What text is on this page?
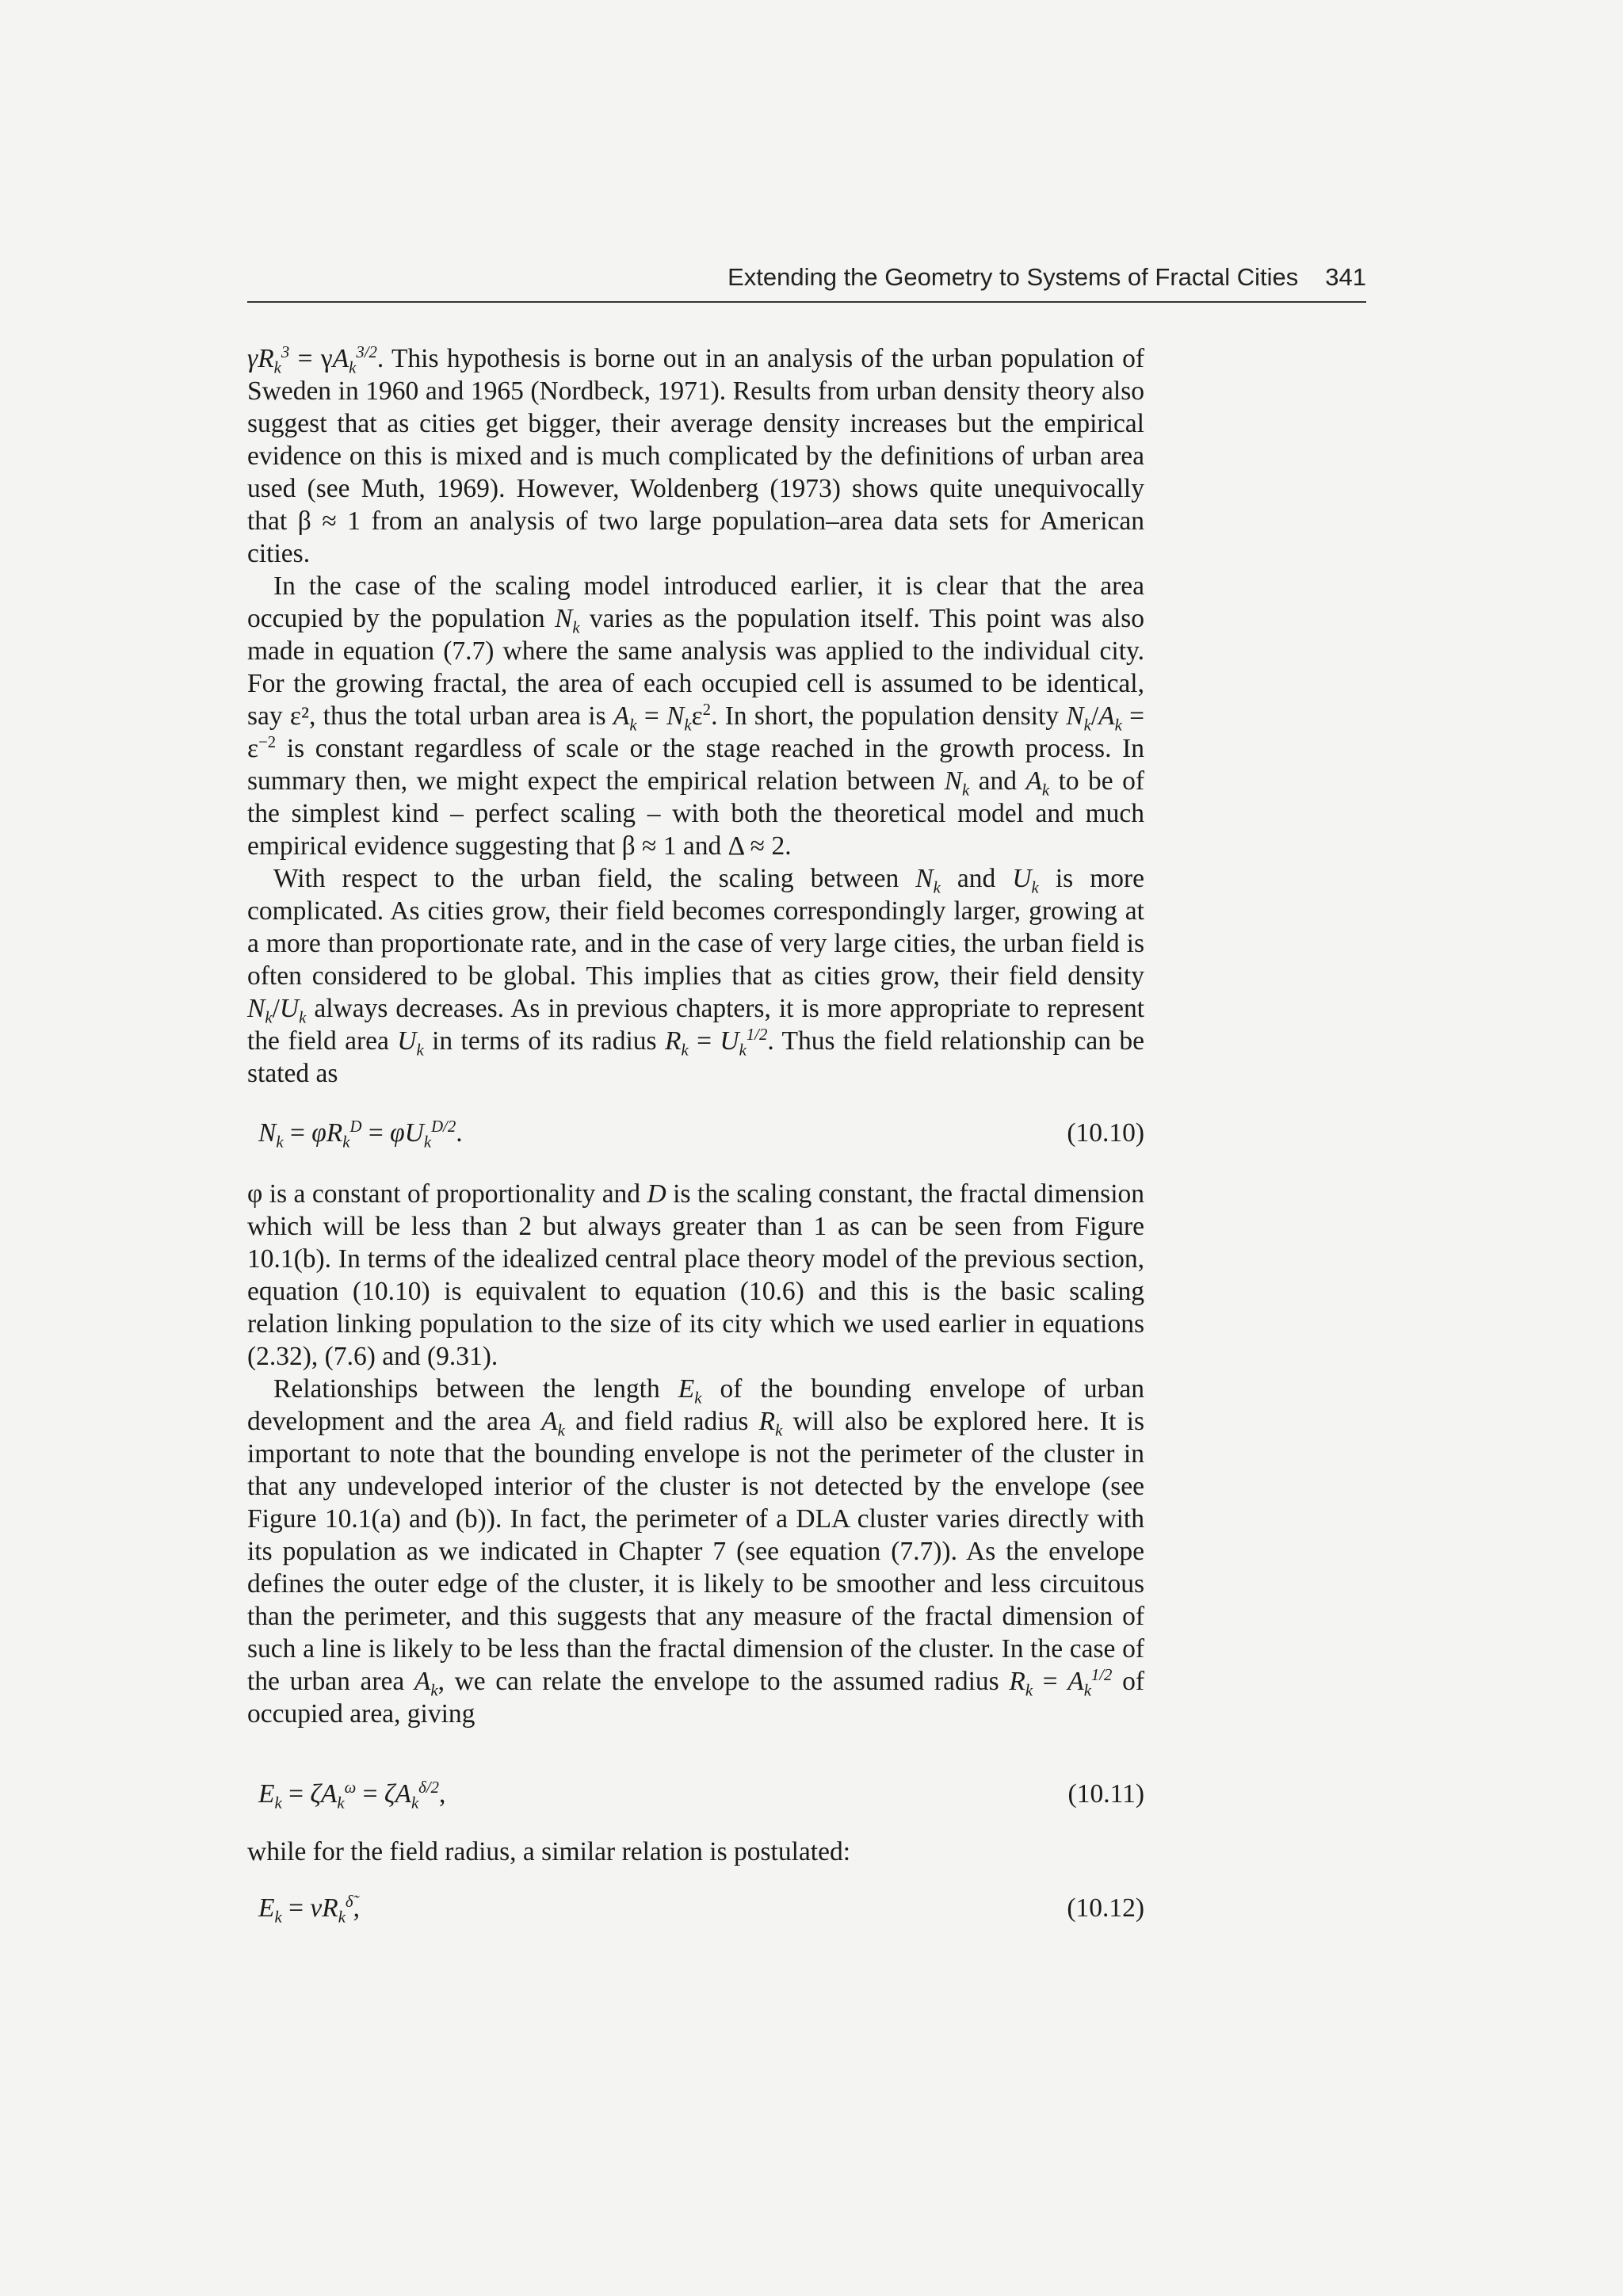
Extending the Geometry to Systems of Fractal Cities 341

$\gamma R_k^3 = \gamma A_k^{3/2}$. This hypothesis is borne out in an analysis of the urban population of Sweden in 1960 and 1965 (Nordbeck, 1971). Results from urban density theory also suggest that as cities get bigger, their average density increases but the empirical evidence on this is mixed and is much complicated by the definitions of urban area used (see Muth, 1969). However, Woldenberg (1973) shows quite unequivocally that β ≈ 1 from an analysis of two large population–area data sets for American cities.

In the case of the scaling model introduced earlier, it is clear that the area occupied by the population $N_k$ varies as the population itself. This point was also made in equation (7.7) where the same analysis was applied to the individual city. For the growing fractal, the area of each occupied cell is assumed to be identical, say ε², thus the total urban area is $A_k = N_k\varepsilon^2$. In short, the population density $N_k/A_k = \varepsilon^{-2}$ is constant regardless of scale or the stage reached in the growth process. In summary then, we might expect the empirical relation between $N_k$ and $A_k$ to be of the simplest kind – perfect scaling – with both the theoretical model and much empirical evidence suggesting that β ≈ 1 and Δ ≈ 2.

With respect to the urban field, the scaling between $N_k$ and $U_k$ is more complicated. As cities grow, their field becomes correspondingly larger, growing at a more than proportionate rate, and in the case of very large cities, the urban field is often considered to be global. This implies that as cities grow, their field density $N_k/U_k$ always decreases. As in previous chapters, it is more appropriate to represent the field area $U_k$ in terms of its radius $R_k = U_k^{1/2}$. Thus the field relationship can be stated as

$N_k = \varphi R_k^D = \varphi U_k^{D/2}$.	(10.10)

φ is a constant of proportionality and D is the scaling constant, the fractal dimension which will be less than 2 but always greater than 1 as can be seen from Figure 10.1(b). In terms of the idealized central place theory model of the previous section, equation (10.10) is equivalent to equation (10.6) and this is the basic scaling relation linking population to the size of its city which we used earlier in equations (2.32), (7.6) and (9.31).

Relationships between the length $E_k$ of the bounding envelope of urban development and the area $A_k$ and field radius $R_k$ will also be explored here. It is important to note that the bounding envelope is not the perimeter of the cluster in that any undeveloped interior of the cluster is not detected by the envelope (see Figure 10.1(a) and (b)). In fact, the perimeter of a DLA cluster varies directly with its population as we indicated in Chapter 7 (see equation (7.7)). As the envelope defines the outer edge of the cluster, it is likely to be smoother and less circuitous than the perimeter, and this suggests that any measure of the fractal dimension of such a line is likely to be less than the fractal dimension of the cluster. In the case of the urban area $A_k$, we can relate the envelope to the assumed radius $R_k = A_k^{1/2}$ of occupied area, giving

$E_k = \zeta A_k^\omega = \zeta A_k^{\delta/2}$,	(10.11)

while for the field radius, a similar relation is postulated:

$E_k = \nu R_k^{\deltã}$,	(10.12)
